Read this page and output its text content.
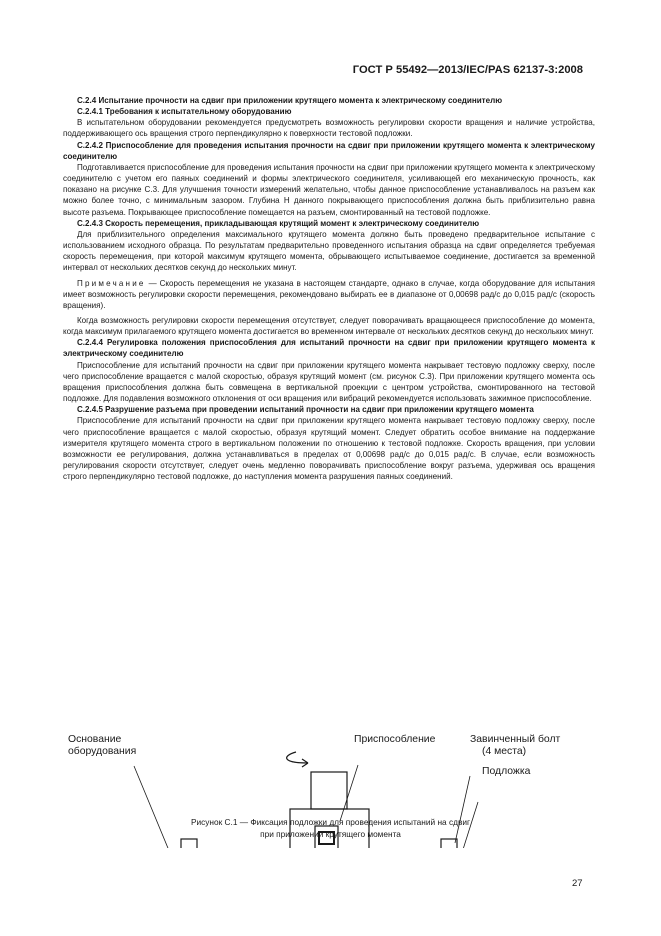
ГОСТ Р 55492—2013/IEC/PAS 62137-3:2008

С.2.4 Испытание прочности на сдвиг при приложении крутящего момента к электрическому соединителю

С.2.4.1 Требования к испытательному оборудованию

В испытательном оборудовании рекомендуется предусмотреть возможность регулировки скорости вращения и наличие устройства, поддерживающего ось вращения строго перпендикулярно к поверхности тестовой подложки.

С.2.4.2 Приспособление для проведения испытания прочности на сдвиг при приложении крутящего момента к электрическому соединителю

Подготавливается приспособление для проведения испытания прочности на сдвиг при приложении крутящего момента к электрическому соединителю с учетом его паяных соединений и формы электрического соединителя, усиливающей его механическую прочность, как показано на рисунке С.3. Для улучшения точности измерений желательно, чтобы данное приспособление устанавливалось на разъем как можно более точно, с минимальным зазором. Глубина Н данного покрывающего приспособления должна быть приблизительно равна высоте разъема. Покрывающее приспособление помещается на разъем, смонтированный на тестовой подложке.

С.2.4.3 Скорость перемещения, прикладывающая крутящий момент к электрическому соединителю

Для приблизительного определения максимального крутящего момента должно быть проведено предварительное испытание с использованием исходного образца. По результатам предварительно проведенного испытания образца на сдвиг определяется требуемая скорость перемещения, при которой максимум крутящего момента, обрывающего испытываемое соединение, достигается за временной интервал от нескольких десятков секунд до нескольких минут.

Примечание — Скорость перемещения не указана в настоящем стандарте, однако в случае, когда оборудование для испытания имеет возможность регулировки скорости перемещения, рекомендовано выбирать ее в диапазоне от 0,00698 рад/с до 0,015 рад/с (скорость вращения).

Когда возможность регулировки скорости перемещения отсутствует, следует поворачивать вращающееся приспособление до момента, когда максимум прилагаемого крутящего момента достигается во временном интервале от нескольких десятков секунд до нескольких минут.

С.2.4.4 Регулировка положения приспособления для испытаний прочности на сдвиг при приложении крутящего момента к электрическому соединителю

Приспособление для испытаний прочности на сдвиг при приложении крутящего момента накрывает тестовую подложку сверху, после чего приспособление вращается с малой скоростью, образуя крутящий момент (см. рисунок С.3). При приложении крутящего момента ось вращения приспособления должна быть совмещена в вертикальной проекции с центром устройства, смонтированного на тестовой подложке. Для подавления возможного отклонения от оси вращения или вибраций рекомендуется использовать зажимное приспособление.

С.2.4.5 Разрушение разъема при проведении испытаний прочности на сдвиг при приложении крутящего момента

Приспособление для испытаний прочности на сдвиг при приложении крутящего момента накрывает тестовую подложку сверху, после чего приспособление вращается с малой скоростью, образуя крутящий момент. Следует обратить особое внимание на поддержание измерителя крутящего момента строго в вертикальном положении по отношению к тестовой подложке. Скорость вращения, при условии возможности ее регулирования, должна устанавливаться в пределах от 0,00698 рад/с до 0,015 рад/с. В случае, если возможность регулирования скорости отсутствует, следует очень медленно поворачивать приспособление вокруг разъема, удерживая ось вращения строго перпендикулярно тестовой подложке, до наступления момента разрушения паяных соединений.

Основание
оборудования
Приспособление	Завинченный болт
(4 места)
Подложка
Рисунок С.1 — Фиксация подложки для проведения испытаний на сдвиг
при приложении крутящего момента
27
